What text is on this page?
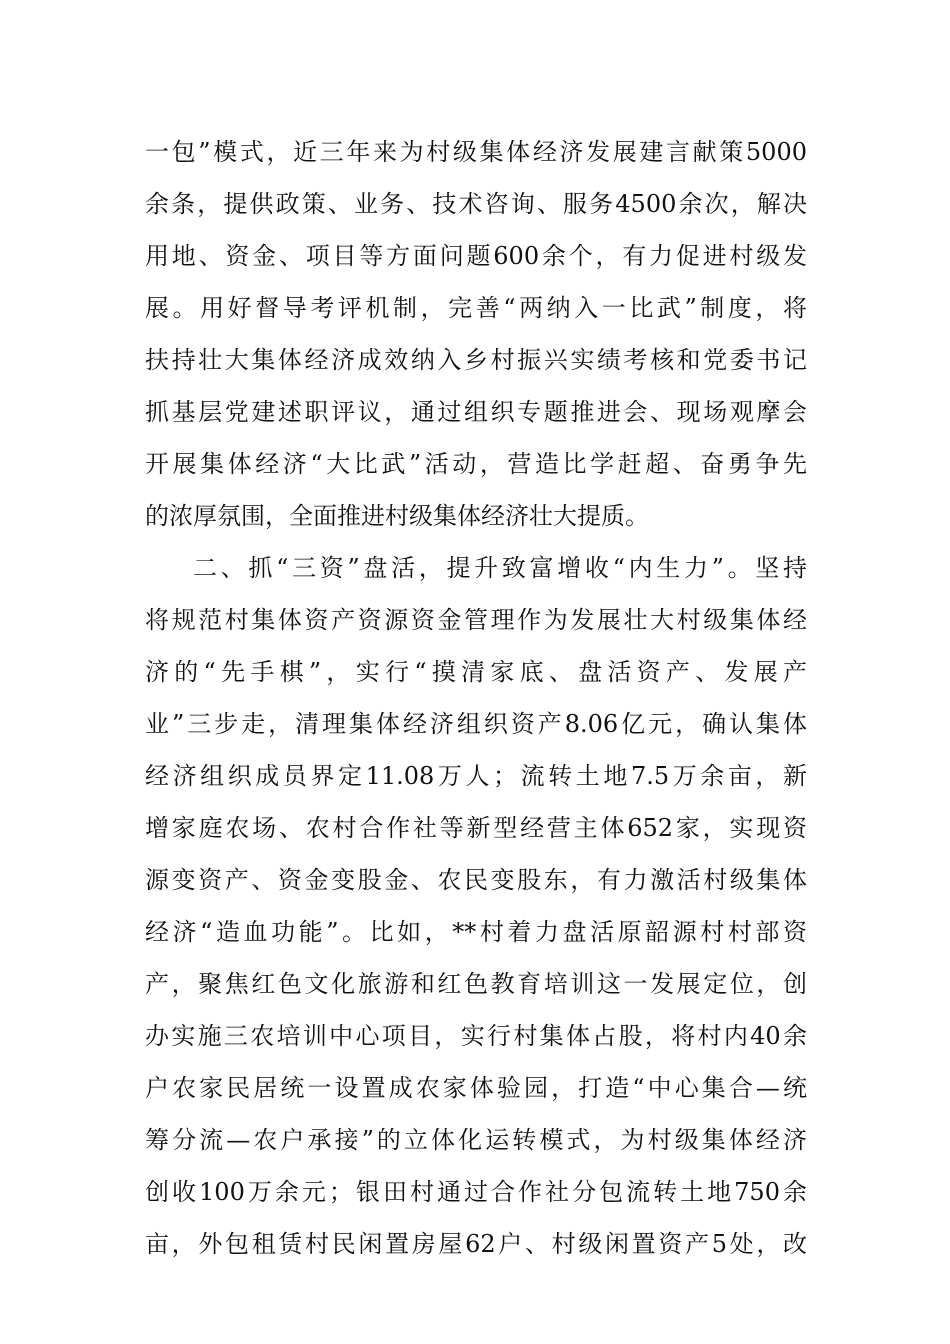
一包”模式，近三年来为村级集体经济发展建言献策5000
余条，提供政策、业务、技术咨询、服务4500余次，解决
用地、资金、项目等方面问题600余个，有力促进村级发
展。用好督导考评机制，完善“两纳入一比武”制度，将
扶持壮大集体经济成效纳入乡村振兴实绩考核和党委书记
抓基层党建述职评议，通过组织专题推进会、现场观摩会
开展集体经济“大比武”活动，营造比学赶超、奋勇争先
的浓厚氛围，全面推进村级集体经济壮大提质。
二、抓“三资”盘活，提升致富增收“内生力”。坚持
将规范村集体资产资源资金管理作为发展壮大村级集体经
济的“先手棋”，实行“摸清家底、盘活资产、发展产
业”三步走，清理集体经济组织资产8.06亿元，确认集体
经济组织成员界定11.08万人；流转土地7.5万余亩，新
增家庭农场、农村合作社等新型经营主体652家，实现资
源变资产、资金变股金、农民变股东，有力激活村级集体
经济“造血功能”。比如，**村着力盘活原韶源村村部资
产，聚焦红色文化旅游和红色教育培训这一发展定位，创
办实施三农培训中心项目，实行村集体占股，将村内40余
户农家民居统一设置成农家体验园，打造“中心集合—统
筹分流—农户承接”的立体化运转模式，为村级集体经济
创收100万余元；银田村通过合作社分包流转土地750余
亩，外包租赁村民闲置房屋62户、村级闲置资产5处，改
